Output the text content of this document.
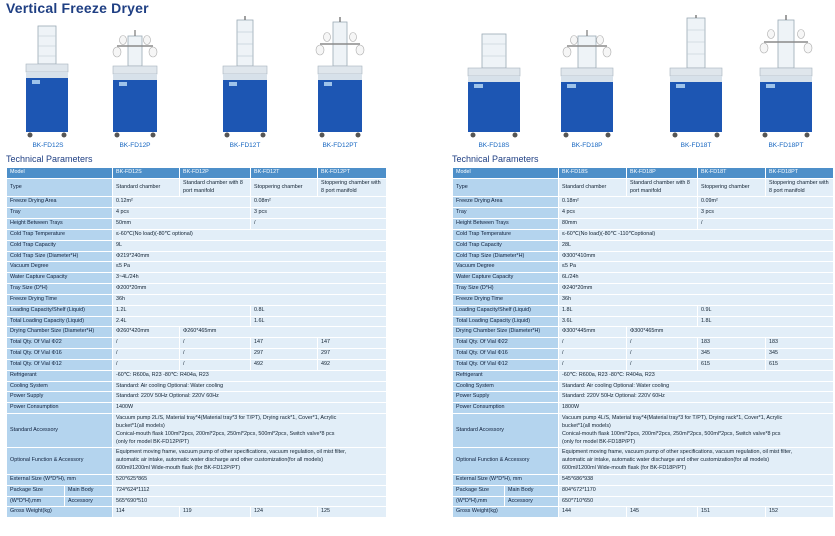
Vertical Freeze Dryer
BK-FD12S	BK-FD12P	BK-FD12T	BK-FD12PT	BK-FD18S	BK-FD18P	BK-FD18T	BK-FD18PT
Technical Parameters	Technical Parameters
Model		BK-FD12S	BK-FD12P	BK-FD12T	BK-FD12PT
Type		Standard chamber	Standard chamber with 8 port manifold	Stoppering chamber	Stoppering chamber with 8 port manifold
Freeze Drying Area		0.12m²		0.08m²	
Tray		4 pcs		3 pcs	
Height Between Trays		50mm		/	
Cold Trap Temperature		≤-60℃(No load)(-80℃ optional)			
Cold Trap Capacity		9L			
Cold Trap Size (Diameter*H)		Φ219*240mm			
Vacuum Degree		≤5 Pa			
Water Capture Capacity		3~4L/24h			
Tray Size (D*H)		Φ200*20mm			
Freeze Drying Time		36h			
Loading Capacity/Shelf (Liquid)		1.2L		0.8L	
Total Loading Capacity (Liquid)		2.4L		1.6L	
Drying Chamber Size (Diameter*H)		Φ260*420mm	Φ260*465mm		
Total Qty. Of Vial Φ22		/	/	147	147
Total Qty. Of Vial Φ16		/	/	297	297
Total Qty. Of Vial Φ12		/	/	492	492
Refrigerant		-60℃: R600a, R23 -80℃: R404a, R23			
Cooling System		Standard: Air cooling Optional: Water cooling			
Power Supply		Standard: 220V 50Hz Optional: 220V 60Hz			
Power Consumption		1400W			
Standard Accessory		Vacuum pump 2L/S, Material tray*4(Material tray*3 for T/PT), Drying rack*1, Cover*1, Acrylic
bucket*1(all models)
Conical-mouth flask 100ml*2pcs, 200ml*2pcs, 250ml*2pcs, 500ml*2pcs, Switch valve*8 pcs
(only for model BK-FD12P/PT)			

Optional Function & Accessory		Equipment moving frame, vacuum pump of other specifications, vacuum regulation, oil mist filter,
automatic air intake, automatic water discharge and other customization(for all models)
600ml/1200ml Wide-mouth flask (for BK-FD12P/PT)			

External Size (W*D*H), mm		520*625*865			
Package Size	Main Body	724*624*1112			
(W*D*H),mm	Accessory	565*690*510			
Gross Weight(kg)		114	119	124	125
Model		BK-FD18S	BK-FD18P	BK-FD18T	BK-FD18PT
Type		Standard chamber	Standard chamber with 8 port manifold	Stoppering chamber	Stoppering chamber with 8 port manifold
Freeze Drying Area		0.18m²		0.09m²	
Tray		4 pcs		3 pcs	
Height Between Trays		80mm		/	
Cold Trap Temperature		≤-60℃(No load)(-80℃ -110℃optional)			
Cold Trap Capacity		28L			
Cold Trap Size (Diameter*H)		Φ300*410mm			
Vacuum Degree		≤5 Pa			
Water Capture Capacity		6L/24h			
Tray Size (D*H)		Φ240*20mm			
Freeze Drying Time		36h			
Loading Capacity/Shelf (Liquid)		1.8L		0.9L	
Total Loading Capacity (Liquid)		3.6L		1.8L	
Drying Chamber Size (Diameter*H)		Φ300*445mm	Φ300*465mm		
Total Qty. Of Vial Φ22		/	/	183	183
Total Qty. Of Vial Φ16		/	/	345	345
Total Qty. Of Vial Φ12		/	/	615	615
Refrigerant		-60℃: R600a, R23 -80℃: R404a, R23			
Cooling System		Standard: Air cooling Optional: Water cooling			
Power Supply		Standard: 220V 50Hz Optional: 220V 60Hz			
Power Consumption		1800W			
Standard Accessory		Vacuum pump 4L/S, Material tray*4(Material tray*3 for T/PT), Drying rack*1, Cover*1, Acrylic
bucket*1(all models)
Conical-mouth flask 100ml*2pcs, 200ml*2pcs, 250ml*2pcs, 500ml*2pcs, Switch valve*8 pcs
(only for model BK-FD18P/PT)			

Optional Function & Accessory		Equipment moving frame, vacuum pump of other specifications, vacuum regulation, oil mist filter,
automatic air intake, automatic water discharge and other customization(for all models)
600ml/1200ml Wide-mouth flask (for BK-FD18P/PT)			

External Size (W*D*H), mm		545*686*938			
Package Size	Main Body	804*672*1170			
(W*D*H),mm	Accessory	650*710*650			
Gross Weight(kg)		144	145	151	152
